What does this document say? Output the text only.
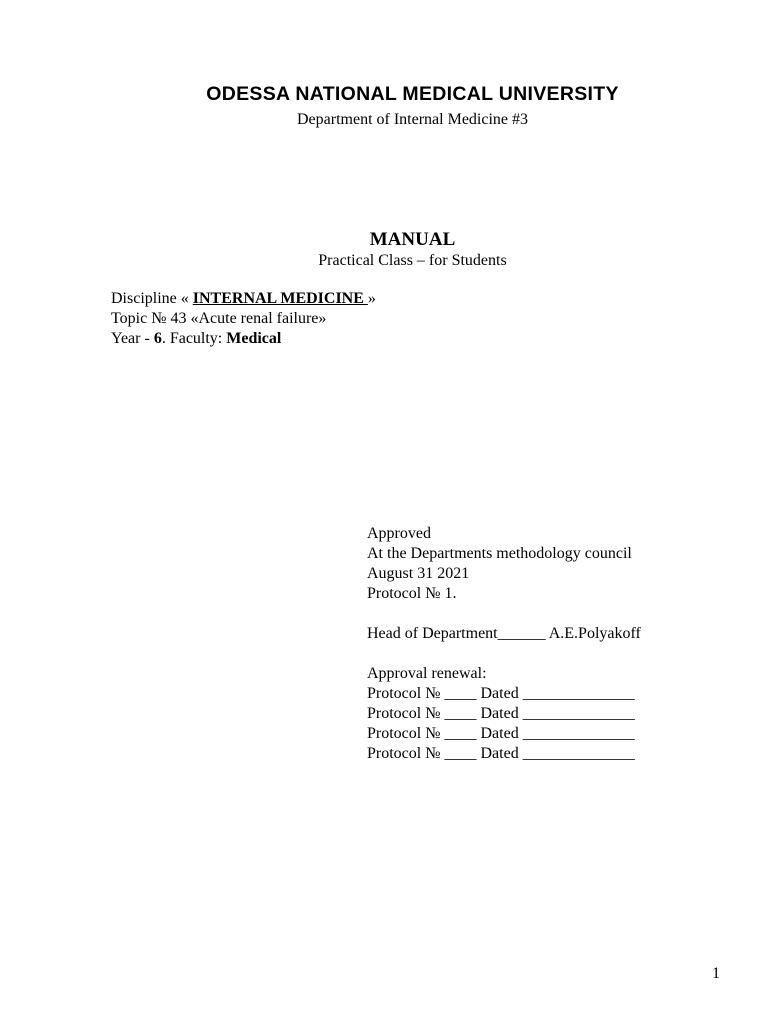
ODESSA NATIONAL MEDICAL UNIVERSITY
Department of Internal Medicine #3
MANUAL
Practical Class – for Students
Discipline « INTERNAL MEDICINE »
Topic № 43 «Acute renal failure»
Year - 6. Faculty: Medical
Approved
At the Departments methodology council
August 31 2021
Protocol № 1.
Head of Department______ A.E.Polyakoff
Approval renewal:
Protocol № ____ Dated ______________
Protocol № ____ Dated ______________
Protocol № ____ Dated ______________
Protocol № ____ Dated ______________
1
